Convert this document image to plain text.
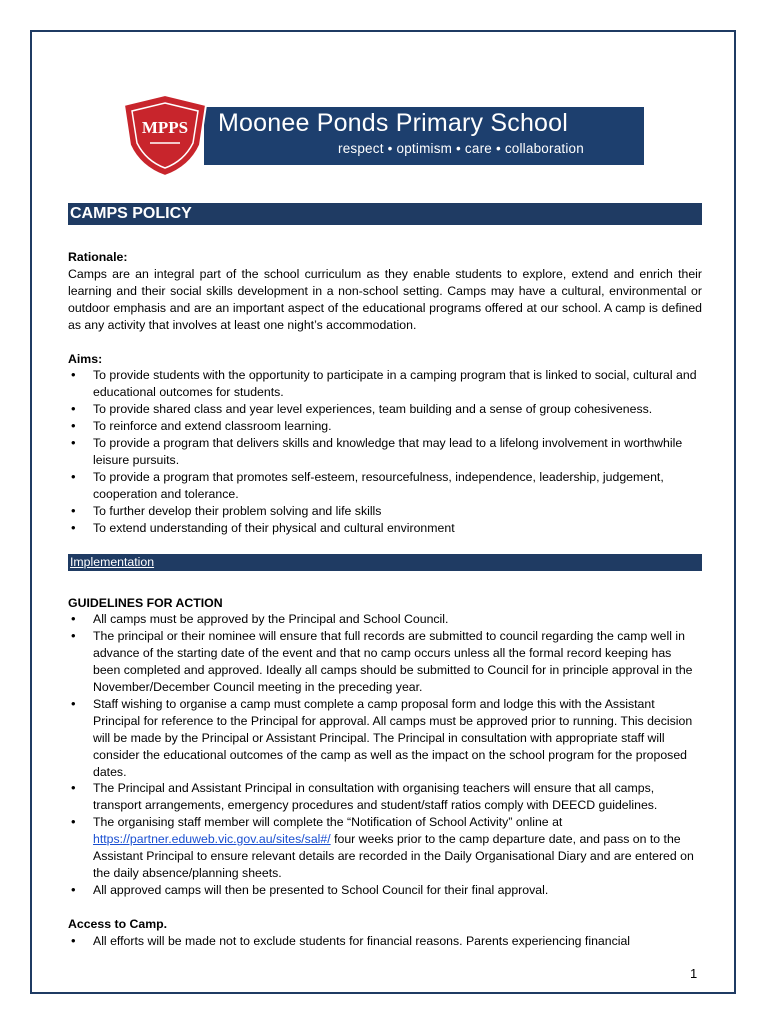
MPPS Moonee Ponds Primary School
respect • optimism • care • collaboration
CAMPS POLICY
Rationale:
Camps are an integral part of the school curriculum as they enable students to explore, extend and enrich their learning and their social skills development in a non-school setting. Camps may have a cultural, environmental or outdoor emphasis and are an important aspect of the educational programs offered at our school. A camp is defined as any activity that involves at least one night’s accommodation.
Aims:
• To provide students with the opportunity to participate in a camping program that is linked to social, cultural and educational outcomes for students.
• To provide shared class and year level experiences, team building and a sense of group cohesiveness.
• To reinforce and extend classroom learning.
• To provide a program that delivers skills and knowledge that may lead to a lifelong involvement in worthwhile leisure pursuits.
• To provide a program that promotes self-esteem, resourcefulness, independence, leadership, judgement, cooperation and tolerance.
• To further develop their problem solving and life skills
• To extend understanding of their physical and cultural environment
Implementation
GUIDELINES FOR ACTION
• All camps must be approved by the Principal and School Council.
• The principal or their nominee will ensure that full records are submitted to council regarding the camp well in advance of the starting date of the event and that no camp occurs unless all the formal record keeping has been completed and approved. Ideally all camps should be submitted to Council for in principle approval in the November/December Council meeting in the preceding year.
• Staff wishing to organise a camp must complete a camp proposal form and lodge this with the Assistant Principal for reference to the Principal for approval. All camps must be approved prior to running. This decision will be made by the Principal or Assistant Principal. The Principal in consultation with appropriate staff will consider the educational outcomes of the camp as well as the impact on the school program for the proposed dates.
• The Principal and Assistant Principal in consultation with organising teachers will ensure that all camps, transport arrangements, emergency procedures and student/staff ratios comply with DEECD guidelines.
• The organising staff member will complete the “Notification of School Activity” online at https://partner.eduweb.vic.gov.au/sites/sal#/ four weeks prior to the camp departure date, and pass on to the Assistant Principal to ensure relevant details are recorded in the Daily Organisational Diary and are entered on the daily absence/planning sheets.
• All approved camps will then be presented to School Council for their final approval.
Access to Camp.
• All efforts will be made not to exclude students for financial reasons. Parents experiencing financial
1
